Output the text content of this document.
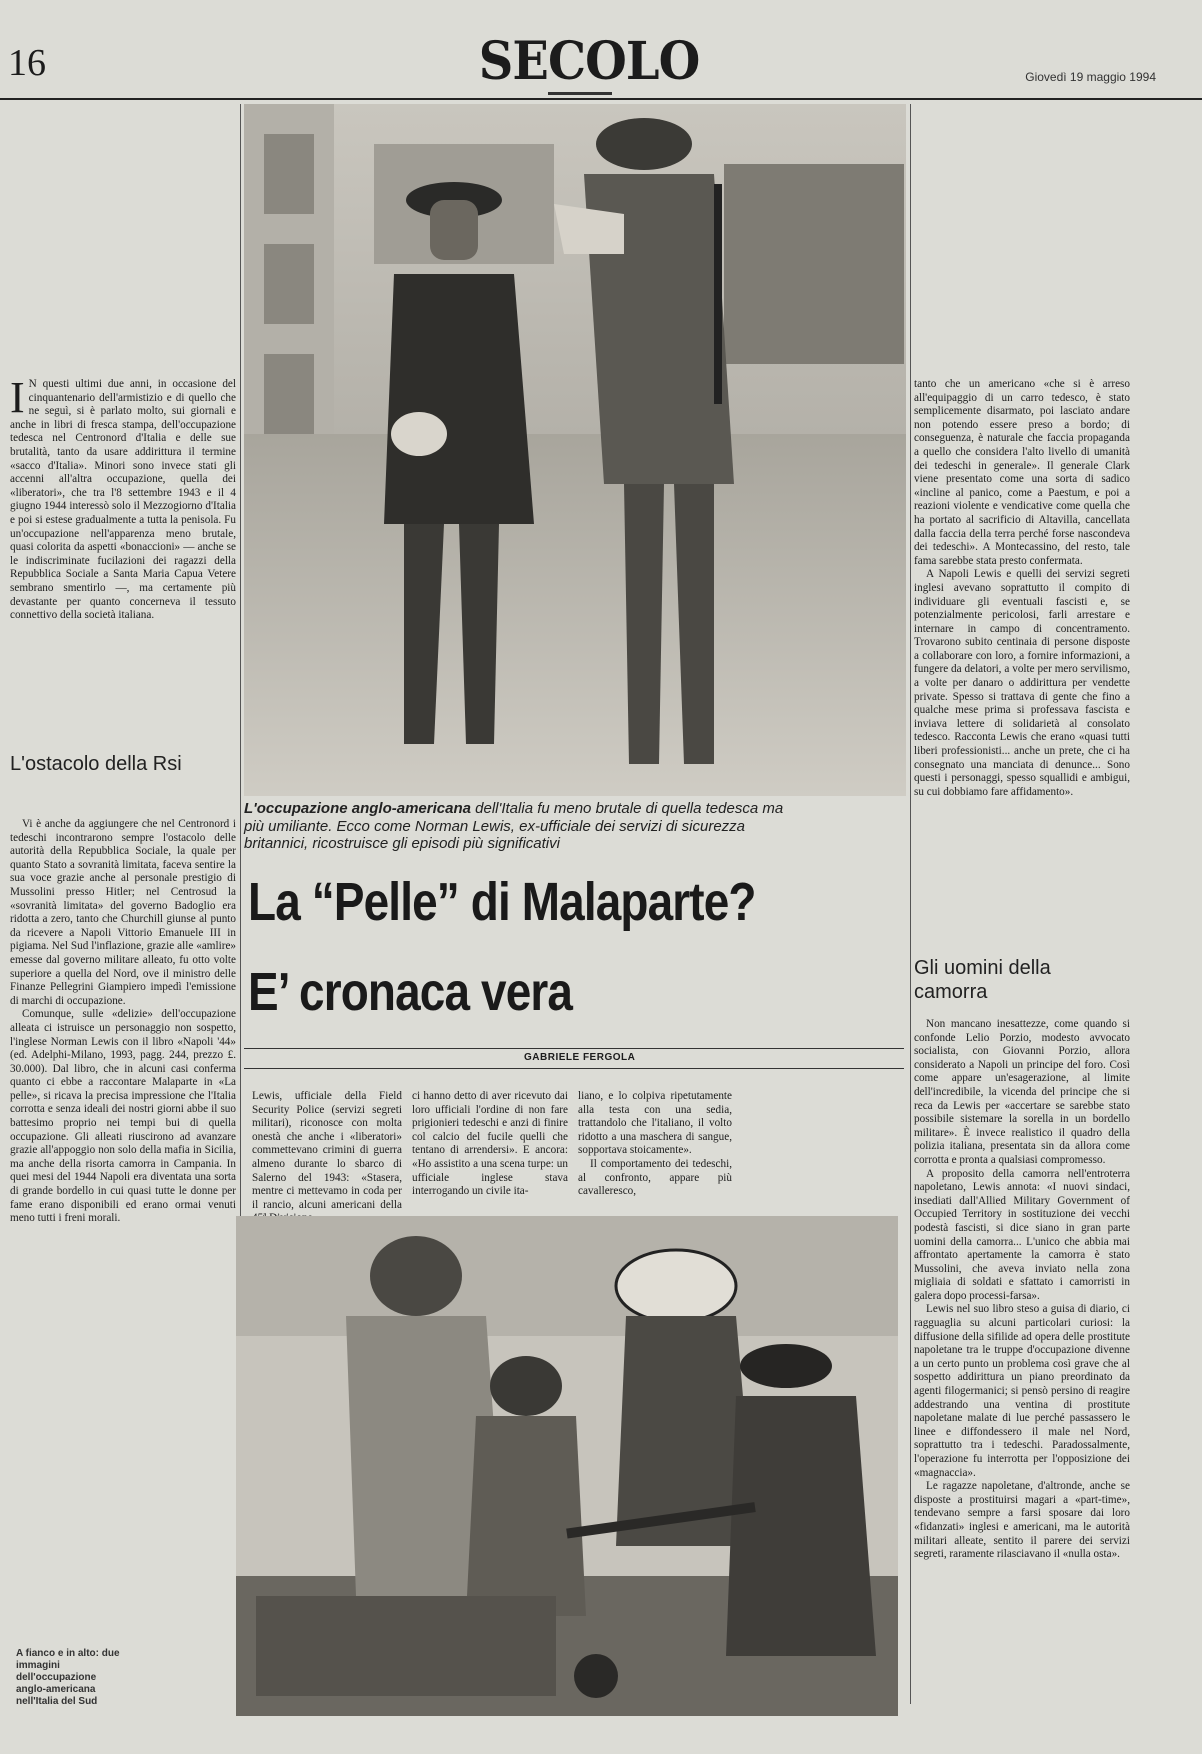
16	SECOLO	Giovedì 19 maggio 1994

I N questi ultimi due anni, in occasione del cinquantenario dell'armistizio e di quello che ne seguì, si è parlato molto, sui giornali e anche in libri di fresca stampa, dell'occupazione tedesca nel Centronord d'Italia e delle sue brutalità, tanto da usare addirittura il termine «sacco d'Italia». Minori sono invece stati gli accenni all'altra occupazione, quella dei «liberatori», che tra l'8 settembre 1943 e il 4 giugno 1944 interessò solo il Mezzogiorno d'Italia e poi si estese gradualmente a tutta la penisola. Fu un'occupazione nell'apparenza meno brutale, quasi colorita da aspetti «bonaccioni» — anche se le indiscriminate fucilazioni dei ragazzi della Repubblica Sociale a Santa Maria Capua Vetere sembrano smentirlo —, ma certamente più devastante per quanto concerneva il tessuto connettivo della società italiana.

L'ostacolo della Rsi

Vi è anche da aggiungere che nel Centronord i tedeschi incontrarono sempre l'ostacolo delle autorità della Repubblica Sociale, la quale per quanto Stato a sovranità limitata, faceva sentire la sua voce grazie anche al personale prestigio di Mussolini presso Hitler; nel Centrosud la «sovranità limitata» del governo Badoglio era ridotta a zero, tanto che Churchill giunse al punto da ricevere a Napoli Vittorio Emanuele III in pigiama. Nel Sud l'inflazione, grazie alle «amlire» emesse dal governo militare alleato, fu otto volte superiore a quella del Nord, ove il ministro delle Finanze Pellegrini Giampiero impedì l'emissione di marchi di occupazione.

Comunque, sulle «delizie» dell'occupazione alleata ci istruisce un personaggio non sospetto, l'inglese Norman Lewis con il libro «Napoli '44» (ed. Adelphi-Milano, 1993, pagg. 244, prezzo £. 30.000). Dal libro, che in alcuni casi conferma quanto ci ebbe a raccontare Malaparte in «La pelle», si ricava la precisa impressione che l'Italia corrotta e senza ideali dei nostri giorni abbe il suo battesimo proprio nei tempi bui di quella occupazione. Gli alleati riuscirono ad avanzare grazie all'appoggio non solo della mafia in Sicilia, ma anche della risorta camorra in Campania. In quei mesi del 1944 Napoli era diventata una sorta di grande bordello in cui quasi tutte le donne per fame erano disponibili ed erano ormai venuti meno tutti i freni morali.

L'occupazione anglo-americana dell'Italia fu meno brutale di quella tedesca ma più umiliante. Ecco come Norman Lewis, ex-ufficiale dei servizi di sicurezza britannici, ricostruisce gli episodi più significativi
La “Pelle” di Malaparte?
E’ cronaca vera
GABRIELE FERGOLA

Lewis, ufficiale della Field Security Police (servizi segreti militari), riconosce con molta onestà che anche i «liberatori» commettevano crimini di guerra almeno durante lo sbarco di Salerno del 1943: «Stasera, mentre ci mettevamo in coda per il rancio, alcuni americani della

ci hanno detto di aver ricevuto dai loro ufficiali l'ordine di non fare prigionieri tedeschi e anzi di finire col calcio del fucile quelli che tentano di arrendersi». E ancora: «Ho assistito a una scena turpe: un ufficiale inglese stava interrogando un civile ita-

liano, e lo colpiva ripetutamente alla testa con una sedia, trattandolo che l'italiano, il volto ridotto a una maschera di sangue, sopportava stoicamente».

Il comportamento dei tedeschi, al confronto, appare più cavalleresco,

A fianco e in alto: due immagini dell'occupazione anglo-americana nell'Italia del Sud

tanto che un americano «che si è arreso all'equipaggio di un carro tedesco, è stato semplicemente disarmato, poi lasciato andare non potendo essere preso a bordo; di conseguenza, è naturale che faccia propaganda a quello che considera l'alto livello di umanità dei tedeschi in generale». Il generale Clark viene presentato come una sorta di sadico «incline al panico, come a Paestum, e poi a reazioni violente e vendicative come quella che ha portato al sacrificio di Altavilla, cancellata dalla faccia della terra perché forse nascondeva dei tedeschi». A Montecassino, del resto, tale fama sarebbe stata presto confermata.

A Napoli Lewis e quelli dei servizi segreti inglesi avevano soprattutto il compito di individuare gli eventuali fascisti e, se potenzialmente pericolosi, farli arrestare e internare in campo di concentramento. Trovarono subito centinaia di persone disposte a collaborare con loro, a fornire informazioni, a fungere da delatori, a volte per mero servilismo, a volte per danaro o addirittura per vendette private. Spesso si trattava di gente che fino a qualche mese prima si professava fascista e inviava lettere di solidarietà al consolato tedesco. Racconta Lewis che erano «quasi tutti liberi professionisti... anche un prete, che ci ha consegnato una manciata di denunce... Sono questi i personaggi, spesso squallidi e ambigui, su cui dobbiamo fare affidamento».

Gli uomini della camorra

Non mancano inesattezze, come quando si confonde Lelio Porzio, modesto avvocato socialista, con Giovanni Porzio, allora considerato a Napoli un principe del foro. Così come appare un'esagerazione, al limite dell'incredibile, la vicenda del principe che si reca da Lewis per «accertare se sarebbe stato possibile sistemare la sorella in un bordello militare». È invece realistico il quadro della polizia italiana, presentata sin da allora come corrotta e pronta a qualsiasi compromesso.

A proposito della camorra nell'entroterra napoletano, Lewis annota: «I nuovi sindaci, insediati dall'Allied Military Government of Occupied Territory in sostituzione dei vecchi podestà fascisti, si dice siano in gran parte uomini della camorra... L'unico che abbia mai affrontato apertamente la camorra è stato Mussolini, che aveva inviato nella zona migliaia di soldati e sfattato i camorristi in galera dopo processi-farsa».

Lewis nel suo libro steso a guisa di diario, ci ragguaglia su alcuni particolari curiosi: la diffusione della sifilide ad opera delle prostitute napoletane tra le truppe d'occupazione divenne a un certo punto un problema così grave che al sospetto addirittura un piano preordinato da agenti filogermanici; si pensò persino di reagire addestrando una ventina di prostitute napoletane malate di lue perché passassero le linee e diffondessero il male nel Nord, soprattutto tra i tedeschi. Paradossalmente, l'operazione fu interrotta per l'opposizione dei «magnaccia».

Le ragazze napoletane, d'altronde, anche se disposte a prostituirsi magari a «part-time», tendevano sempre a farsi sposare dai loro «fidanzati» inglesi e americani, ma le autorità militari alleate, sentito il parere dei servizi segreti, raramente rilasciavano il «nulla osta».
